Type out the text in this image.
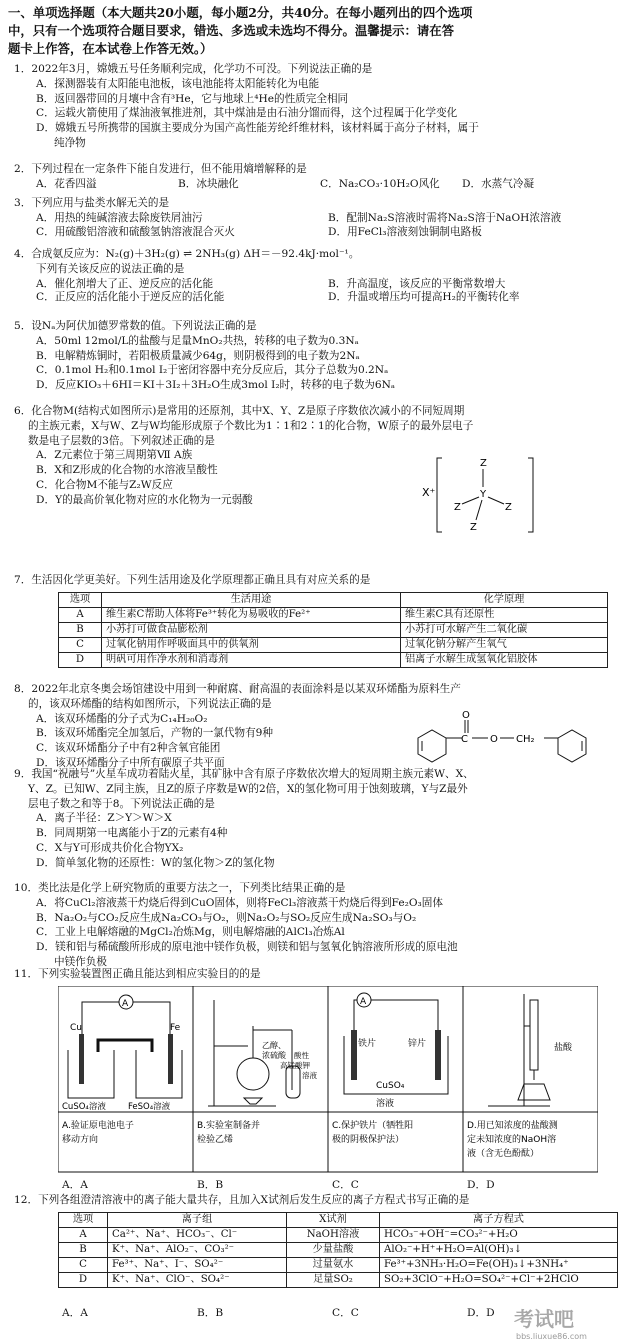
一、单项选择题（本大题共20小题，每小题2分，共40分。在每小题列出的四个选项
中，只有一个选项符合题目要求，错选、多选或未选均不得分。温馨提示：请在答
题卡上作答，在本试卷上作答无效。）

1．2022年3月，嫦娥五号任务顺利完成，化学功不可没。下列说法正确的是

A．探测器装有太阳能电池板，该电池能将太阳能转化为电能

B．返回器带回的月壤中含有³He，它与地球上⁴He的性质完全相同

C．运载火箭使用了煤油液氧推进剂，其中煤油是由石油分馏而得，这个过程属于化学变化

D．嫦娥五号所携带的国旗主要成分为国产高性能芳纶纤维材料，该材料属于高分子材料，属于

纯净物

2．下列过程在一定条件下能自发进行，但不能用熵增解释的是

A．花香四溢	B．冰块融化	C．Na₂CO₃·10H₂O风化	D．水蒸气冷凝

3．下列应用与盐类水解无关的是

A．用热的纯碱溶液去除废铁屑油污	B．配制Na₂S溶液时需将Na₂S溶于NaOH浓溶液
C．用硫酸铝溶液和硫酸氢钠溶液混合灭火	D．用FeCl₃溶液刻蚀铜制电路板

4．合成氨反应为：N₂(g)＋3H₂(g) ⇌ 2NH₃(g) ΔH＝－92.4kJ·mol⁻¹。

下列有关该反应的说法正确的是

A．催化剂增大了正、逆反应的活化能	B．升高温度，该反应的平衡常数增大
C．正反应的活化能小于逆反应的活化能	D．升温或增压均可提高H₂的平衡转化率

5．设Nₐ为阿伏加德罗常数的值。下列说法正确的是

A．50ml 12mol/L的盐酸与足量MnO₂共热，转移的电子数为0.3Nₐ

B．电解精炼铜时，若阳极质量减少64g，则阴极得到的电子数为2Nₐ

C．0.1mol H₂和0.1mol I₂于密闭容器中充分反应后，其分子总数为0.2Nₐ

D．反应KIO₃＋6HI＝KI＋3I₂＋3H₂O生成3mol I₂时，转移的电子数为6Nₐ

6．化合物M(结构式如图所示)是常用的还原剂，其中X、Y、Z是原子序数依次减小的不同短周期

的主族元素，X与W、Z与W均能形成原子个数比为1∶1和2∶1的化合物，W原子的最外层电子

数是电子层数的3倍。下列叙述正确的是

A．Z元素位于第三周期第Ⅶ A族

B．X和Z形成的化合物的水溶液呈酸性

C．化合物M不能与Z₂W反应

D．Y的最高价氧化物对应的水化物为一元弱酸

X⁺
Z
Y
Z	Z
Z

7．生活因化学更美好。下列生活用途及化学原理都正确且具有对应关系的是

选项	生活用途	化学原理
A	维生素C帮助人体将Fe³⁺转化为易吸收的Fe²⁺	维生素C具有还原性
B	小苏打可做食品膨松剂	小苏打可水解产生二氧化碳
C	过氧化钠用作呼吸面具中的供氧剂	过氧化钠分解产生氧气
D	明矾可用作净水剂和消毒剂	铝离子水解生成氢氧化铝胶体

8．2022年北京冬奥会场馆建设中用到一种耐腐、耐高温的表面涂料是以某双环烯酯为原料生产

的，该双环烯酯的结构如图所示，下列说法正确的是

A．该双环烯酯的分子式为C₁₄H₂₀O₂

B．该双环烯酯完全加氢后，产物的一氯代物有9种

C．该双环烯酯分子中有2种含氧官能团

D．该双环烯酯分子中所有碳原子共平面

C
O
O CH₂

9．我国“祝融号”火星车成功着陆火星，其矿脉中含有原子序数依次增大的短周期主族元素W、X、

Y、Z。已知W、Z同主族，且Z的原子序数是W的2倍，X的氢化物可用于蚀刻玻璃，Y与Z最外

层电子数之和等于8。下列说法正确的是

A．离子半径：Z＞Y＞W＞X

B．同周期第一电离能小于Z的元素有4种

C．X与Y可形成共价化合物YX₂

D．简单氢化物的还原性：W的氢化物＞Z的氢化物

10．类比法是化学上研究物质的重要方法之一，下列类比结果正确的是

A．将CuCl₂溶液蒸干灼烧后得到CuO固体，则将FeCl₃溶液蒸干灼烧后得到Fe₂O₃固体

B．Na₂O₂与CO₂反应生成Na₂CO₃与O₂，则Na₂O₂与SO₂反应生成Na₂SO₃与O₂

C．工业上电解熔融的MgCl₂冶炼Mg，则电解熔融的AlCl₃冶炼Al

D．镁和铝与稀硫酸所形成的原电池中镁作负极，则镁和铝与氢氧化钠溶液所形成的原电池

中镁作负极

11．下列实验装置图正确且能达到相应实验目的的是

A
Cu	Fe
CuSO₄溶液	FeSO₄溶液
乙醇、
浓硫酸 酸性
高锰酸钾
溶液
A
铁片	锌片
CuSO₄
溶液
盐酸
A.验证原电池电子
移动方向
B.实验室制备并
检验乙烯
C.保护铁片（牺牲阳
极的阴极保护法）
D.用已知浓度的盐酸测
定未知浓度的NaOH溶
液（含无色酚酞）
A．A	B．B	C．C	D．D

12．下列各组澄清溶液中的离子能大量共存，且加入X试剂后发生反应的离子方程式书写正确的是

选项	离子组	X试剂	离子方程式
A	Ca²⁺、Na⁺、HCO₃⁻、Cl⁻	NaOH溶液	HCO₃⁻+OH⁻=CO₃²⁻+H₂O
B	K⁺、Na⁺、AlO₂⁻、CO₃²⁻	少量盐酸	AlO₂⁻+H⁺+H₂O=Al(OH)₃↓
C	Fe³⁺、Na⁺、I⁻、SO₄²⁻	过量氨水	Fe³⁺+3NH₃·H₂O=Fe(OH)₃↓+3NH₄⁺
D	K⁺、Na⁺、ClO⁻、SO₄²⁻	足量SO₂	SO₂+3ClO⁻+H₂O=SO₄²⁻+Cl⁻+2HClO
A．A	B．B	C．C	D．D 考试吧
bbs.liuxue86.com
